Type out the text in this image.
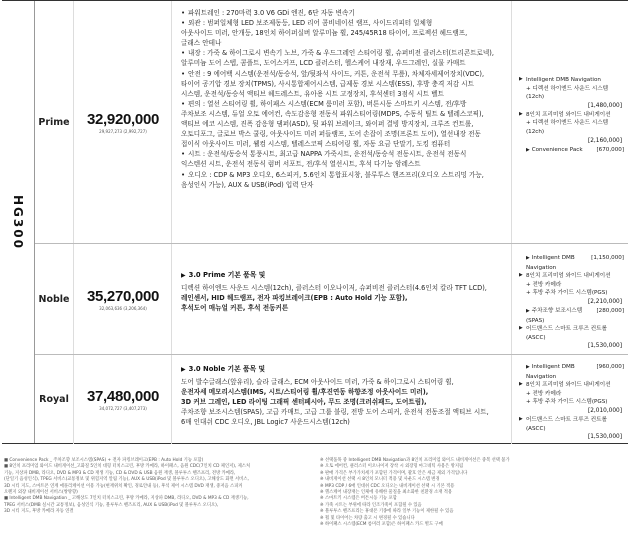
HG300
Prime 32,920,000
29,927,273 (2,992,727)
• 파워트레인 : 270마력 3.0 V6 GDi 엔진, 6단 자동 변속기
• 외관 : 범퍼일체형 LED 보조제동등, LED 리어 콤비네이션 램프, 사이드리피터 일체형
아웃사이드 미러, 안개등, 18인치 하이퍼실버 알루미늄 휠, 245/45R18 타이어, 프로젝션 헤드램프,
글래스 안테나
• 내장 : 가죽 & 하이그로시 변속기 노브, 가죽 & 우드그레인 스티어링 휠, 슈퍼비전 클러스터(트리콘트로넥),
알루미늄 도어 스텝, 콤플트, 도어스커프, LCD 클러스터, 헬스케어 내장재, 우드그레인, 실물 카매트
• 안전 : 9 에어백 시스템(운전석/동승석, 앞/뒷좌석 사이드, 커튼, 운전석 무릎), 차체자세제어장치(VDC),
타이어 공기압 경보 장치(TPMS), 사시통합제어시스템, 급제동 경보 시스템(ESS), 후방 충격 저감 시트
시스템, 운전석/동승석 액티브 헤드레스트, 유아용 시트 고정장치, 후석센터 3점식 시트 벨트
• 편의 : 열선 스티어링 휠, 하이패스 시스템(ECM 룸미러 포함), 버튼시동 스마트키 시스템, 전/후방
주차보조 시스템, 듀얼 오토 에어컨, 속도감응형 전동식 파워스티어링(MDPS, 수동식 틸트 & 텔레스코픽),
액티브 에코 시스템, 진폭 감응형 댐퍼(ASD), 뒷 파워 브레이크, 와이퍼 결빙 방지장치, 크루즈 컨트롤,
오토디포그, 글로브 박스 쿨링, 아웃사이드 미러 퍼들램프, 도어 손잡이 조명(프론트 도어), 열선내장 전동
접이식 아웃사이드 미러, 웰컴 시스템, 텔레스코픽 스티어링 휠, 자동 요금 단말기, 도킹 컴퓨터
• 시트 : 운전석/동승석 통풍시트, 최고급 NAPPA 가죽시트, 운전석/동승석 전동시트, 운전석 전동식
익스텐션 시트, 운전석 전동식 럼버 서포트, 전/후석 열선시트, 후석 다기능 암레스트
• 오디오 : CDP & MP3 오디오, 6스피커, 5.6인치 통합표시창, 블루투스 핸즈프리(오디오 스트리밍 가능,
음성인식 가능), AUX & USB(iPod) 입력 단자
▶ Intelligent DMB Navigation
+ 디렉션 하이엔드 사운드 시스템(12ch)
[1,480,000]
▶ 8인치 프리미엄 와이드 내비게이션
+ 디렉션 하이엔드 사운드 시스템(12ch)
[2,160,000]
▶ Convenience Pack [670,000]
Noble	35,270,000
32,063,636 (3,206,364)
▶ 3.0 Prime 기본 품목 및
디렉션 하이엔드 사운드 시스템(12ch), 클러스터 이오나이저, 슈퍼비전 클러스터(4.6인치 칼라 TFT LCD),
레인센서, HID 헤드램프, 전자 파킹브레이크(EPB : Auto Hold 기능 포함),
후석도어 매뉴얼 커튼, 후석 전동커튼
▶ Intelligent DMB Navigation
[1,150,000]
▶ 8인치 프리미엄 와이드 내비게이션
+ 전방 카메라
+ 후방 주차 가이드 시스템(PGS)
[2,210,000]
▶ 주차조향 보조시스템(SPAS)
[280,000]
▶ 어드밴스드 스마트 크루즈 컨트롤(ASCC)
[1,530,000]
Royal	37,480,000
34,072,727 (3,407,273)
▶ 3.0 Noble 기본 품목 및
도어 발수글래스(앞유리), 슬라 글래스, ECM 아웃사이드 미러, 가죽 & 하이그로시 스티어링 휠,
운전자세 메모리시스템(IMS, 시트/스티어링 휠/후진연동 하향조정 아웃사이드 미러),
3D 커브 그레인, LED 라이팅 그래픽 센터페시아, 무드 조명(크러쉬패드, 도어트림),
주차조향 보조시스템(SPAS), 고급 카매트, 고급 그룹 블링, 전방 도어 스피커, 운전석 전동조절 액티브 시트,
6매 인대쉬 CDC 오디오, JBL Logic7 사운드시스템(12ch)
▶ Intelligent DMB Navigation
[960,000]
▶ 8인치 프리미엄 와이드 내비게이션
+ 전방 카메라
+ 후방 주차 가이드 시스템(PGS)
[2,010,000]
▶ 어드밴스드 스마트 크루즈 컨트롤(ASCC)
[1,530,000]

■ Convenience Pack _ 주차조향 보조시스템(SPAS) + 전자 파킹브레이크(EPB : Auto Hold 기능 포함)

■ 8인치 프리미엄 와이드 내비게이션_고화질 5인치 대형 터치스크린, 후방 카메라, 하이패스, 음원 CDC(7인치 CD 체인저), 제스처

기능, 지상파 DMB, 라디오, DVD & MP3 & CD 재생 기능, CD & DVD & USB 음원 재생, 블루투스 핸즈프리, 전방 카메라,

(단일기 음성인식), TPEG 서비스(교통정보 및 위험지역 알림 기능), AUX & USB(iPod 및 블루투스 오디오), 고해상도 화면 서비스,

3D 시티 지도, 스마트폰 연계 애플리케이션 이용 가능(현재위치 확인, 경로안내 등), 후석 제어 시스템 DVD 재생, 중저음 스피커

오렌지 외장 내비게이션 서비스(쌍방향)

■ Intelligent DMB Navigation _ 고해상도 7인치 터치스크린, 후방 카메라, 지상파 DMB, 라디오, DVD & MP3 & CD 재생기능,

TPEG 서비스(DMB 실시간 교통정보), 음성인식 기능, 블루투스 핸즈프리, AUX & USB(iPod 및 블루투스 오디오),

3D 시티 지도, 후방 카메라 자동 연결

※ 선택품목 중 Intelligent DMB Navigation과 8인치 프리미엄 와이드 내비게이션은 중복 선택 불가

※ 오토 에어컨, 클러스터 이오나이저 장착 시 외장형 마그네틱 사용은 방지됨

※ 판매 가격은 부가가치세가 포함된 가격이며, 괄호 안은 세금 제외 가격입니다

※ 내비게이션 선택 시 8인치 모니터 적용 및 사운드 시스템 변경

※ MP3 CDP / 6매 인대쉬 CDC 오디오는 내비게이션 선택 시 기본 적용

※ 헬스케어 내장재는 인체에 유해한 물질을 최소화한 친환경 소재 적용

※ 스마트키 시스템은 버튼시동 기능 포함

※ 가죽 시트는 부위에 따라 인조가죽이 포함될 수 있음

※ 블루투스 핸즈프리는 휴대폰 기종에 따라 일부 기능이 제한될 수 있음

※ 휠 및 타이어는 차량 출고 시 변경될 수 있습니다

※ 하이패스 시스템(ECM 룸미러 포함)은 하이패스 카드 별도 구매
